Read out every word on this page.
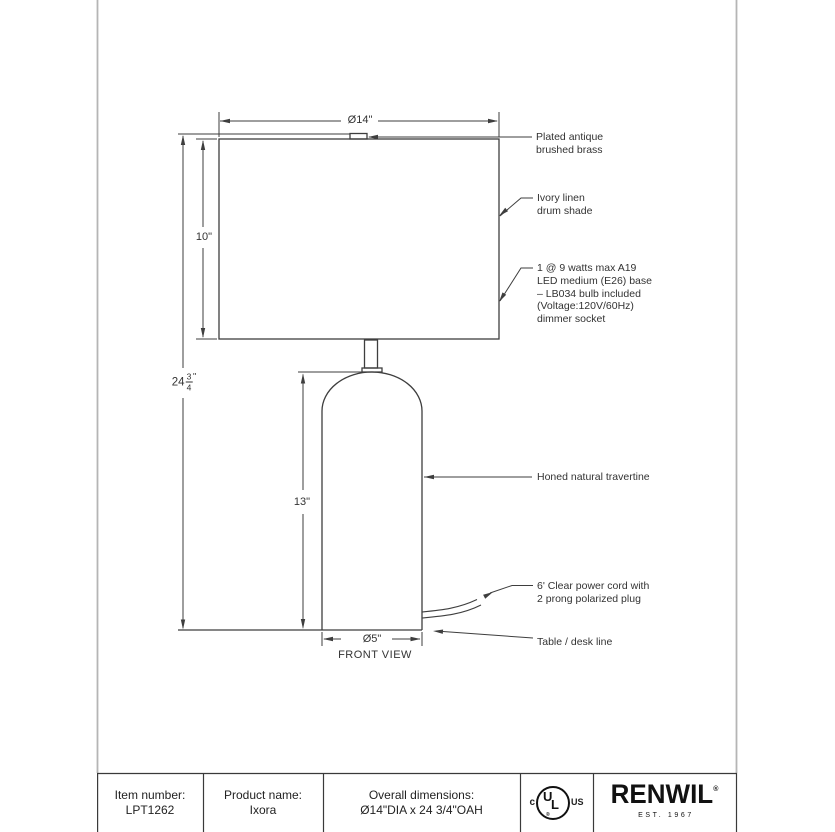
Ø14"
10"
$24 \frac{3}{4}$ "
13"
Ø5"
FRONT VIEW
Plated antique
brushed brass
Ivory linen
drum shade
1 @ 9 watts max A19
LED medium (E26) base
– LB034 bulb included
(Voltage:120V/60Hz)
dimmer socket
Honed natural travertine
6' Clear power cord with
2 prong polarized plug
Table / desk line
Item number:
LPT1262
Product name:
Ixora
Overall dimensions:
Ø14"DIA x 24 3/4"OAH
c U
L
®
US RENWIL ®
EST. 1967
